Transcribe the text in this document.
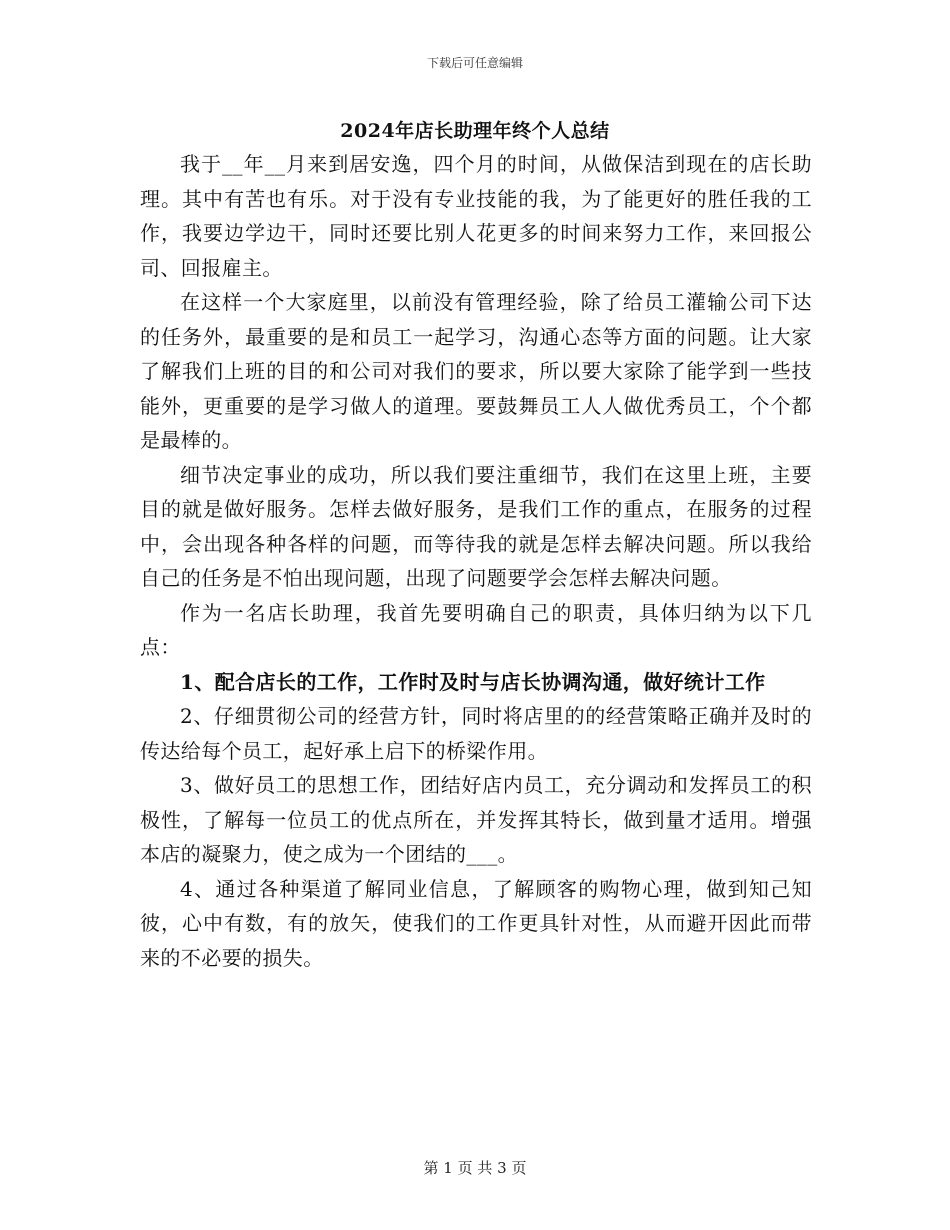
下载后可任意编辑
2024年店长助理年终个人总结

我于__年__月来到居安逸，四个月的时间，从做保洁到现在的店长助理。其中有苦也有乐。对于没有专业技能的我，为了能更好的胜任我的工作，我要边学边干，同时还要比别人花更多的时间来努力工作，来回报公司、回报雇主。

在这样一个大家庭里，以前没有管理经验，除了给员工灌输公司下达的任务外，最重要的是和员工一起学习，沟通心态等方面的问题。让大家了解我们上班的目的和公司对我们的要求，所以要大家除了能学到一些技能外，更重要的是学习做人的道理。要鼓舞员工人人做优秀员工，个个都是最棒的。

细节决定事业的成功，所以我们要注重细节，我们在这里上班，主要目的就是做好服务。怎样去做好服务，是我们工作的重点，在服务的过程中，会出现各种各样的问题，而等待我的就是怎样去解决问题。所以我给自己的任务是不怕出现问题，出现了问题要学会怎样去解决问题。

作为一名店长助理，我首先要明确自己的职责，具体归纳为以下几点：

1、配合店长的工作，工作时及时与店长协调沟通，做好统计工作

2、仔细贯彻公司的经营方针，同时将店里的的经营策略正确并及时的传达给每个员工，起好承上启下的桥梁作用。

3、做好员工的思想工作，团结好店内员工，充分调动和发挥员工的积极性，了解每一位员工的优点所在，并发挥其特长，做到量才适用。增强本店的凝聚力，使之成为一个团结的___。

4、通过各种渠道了解同业信息，了解顾客的购物心理，做到知己知彼，心中有数，有的放矢，使我们的工作更具针对性，从而避开因此而带来的不必要的损失。

第 1 页 共 3 页
